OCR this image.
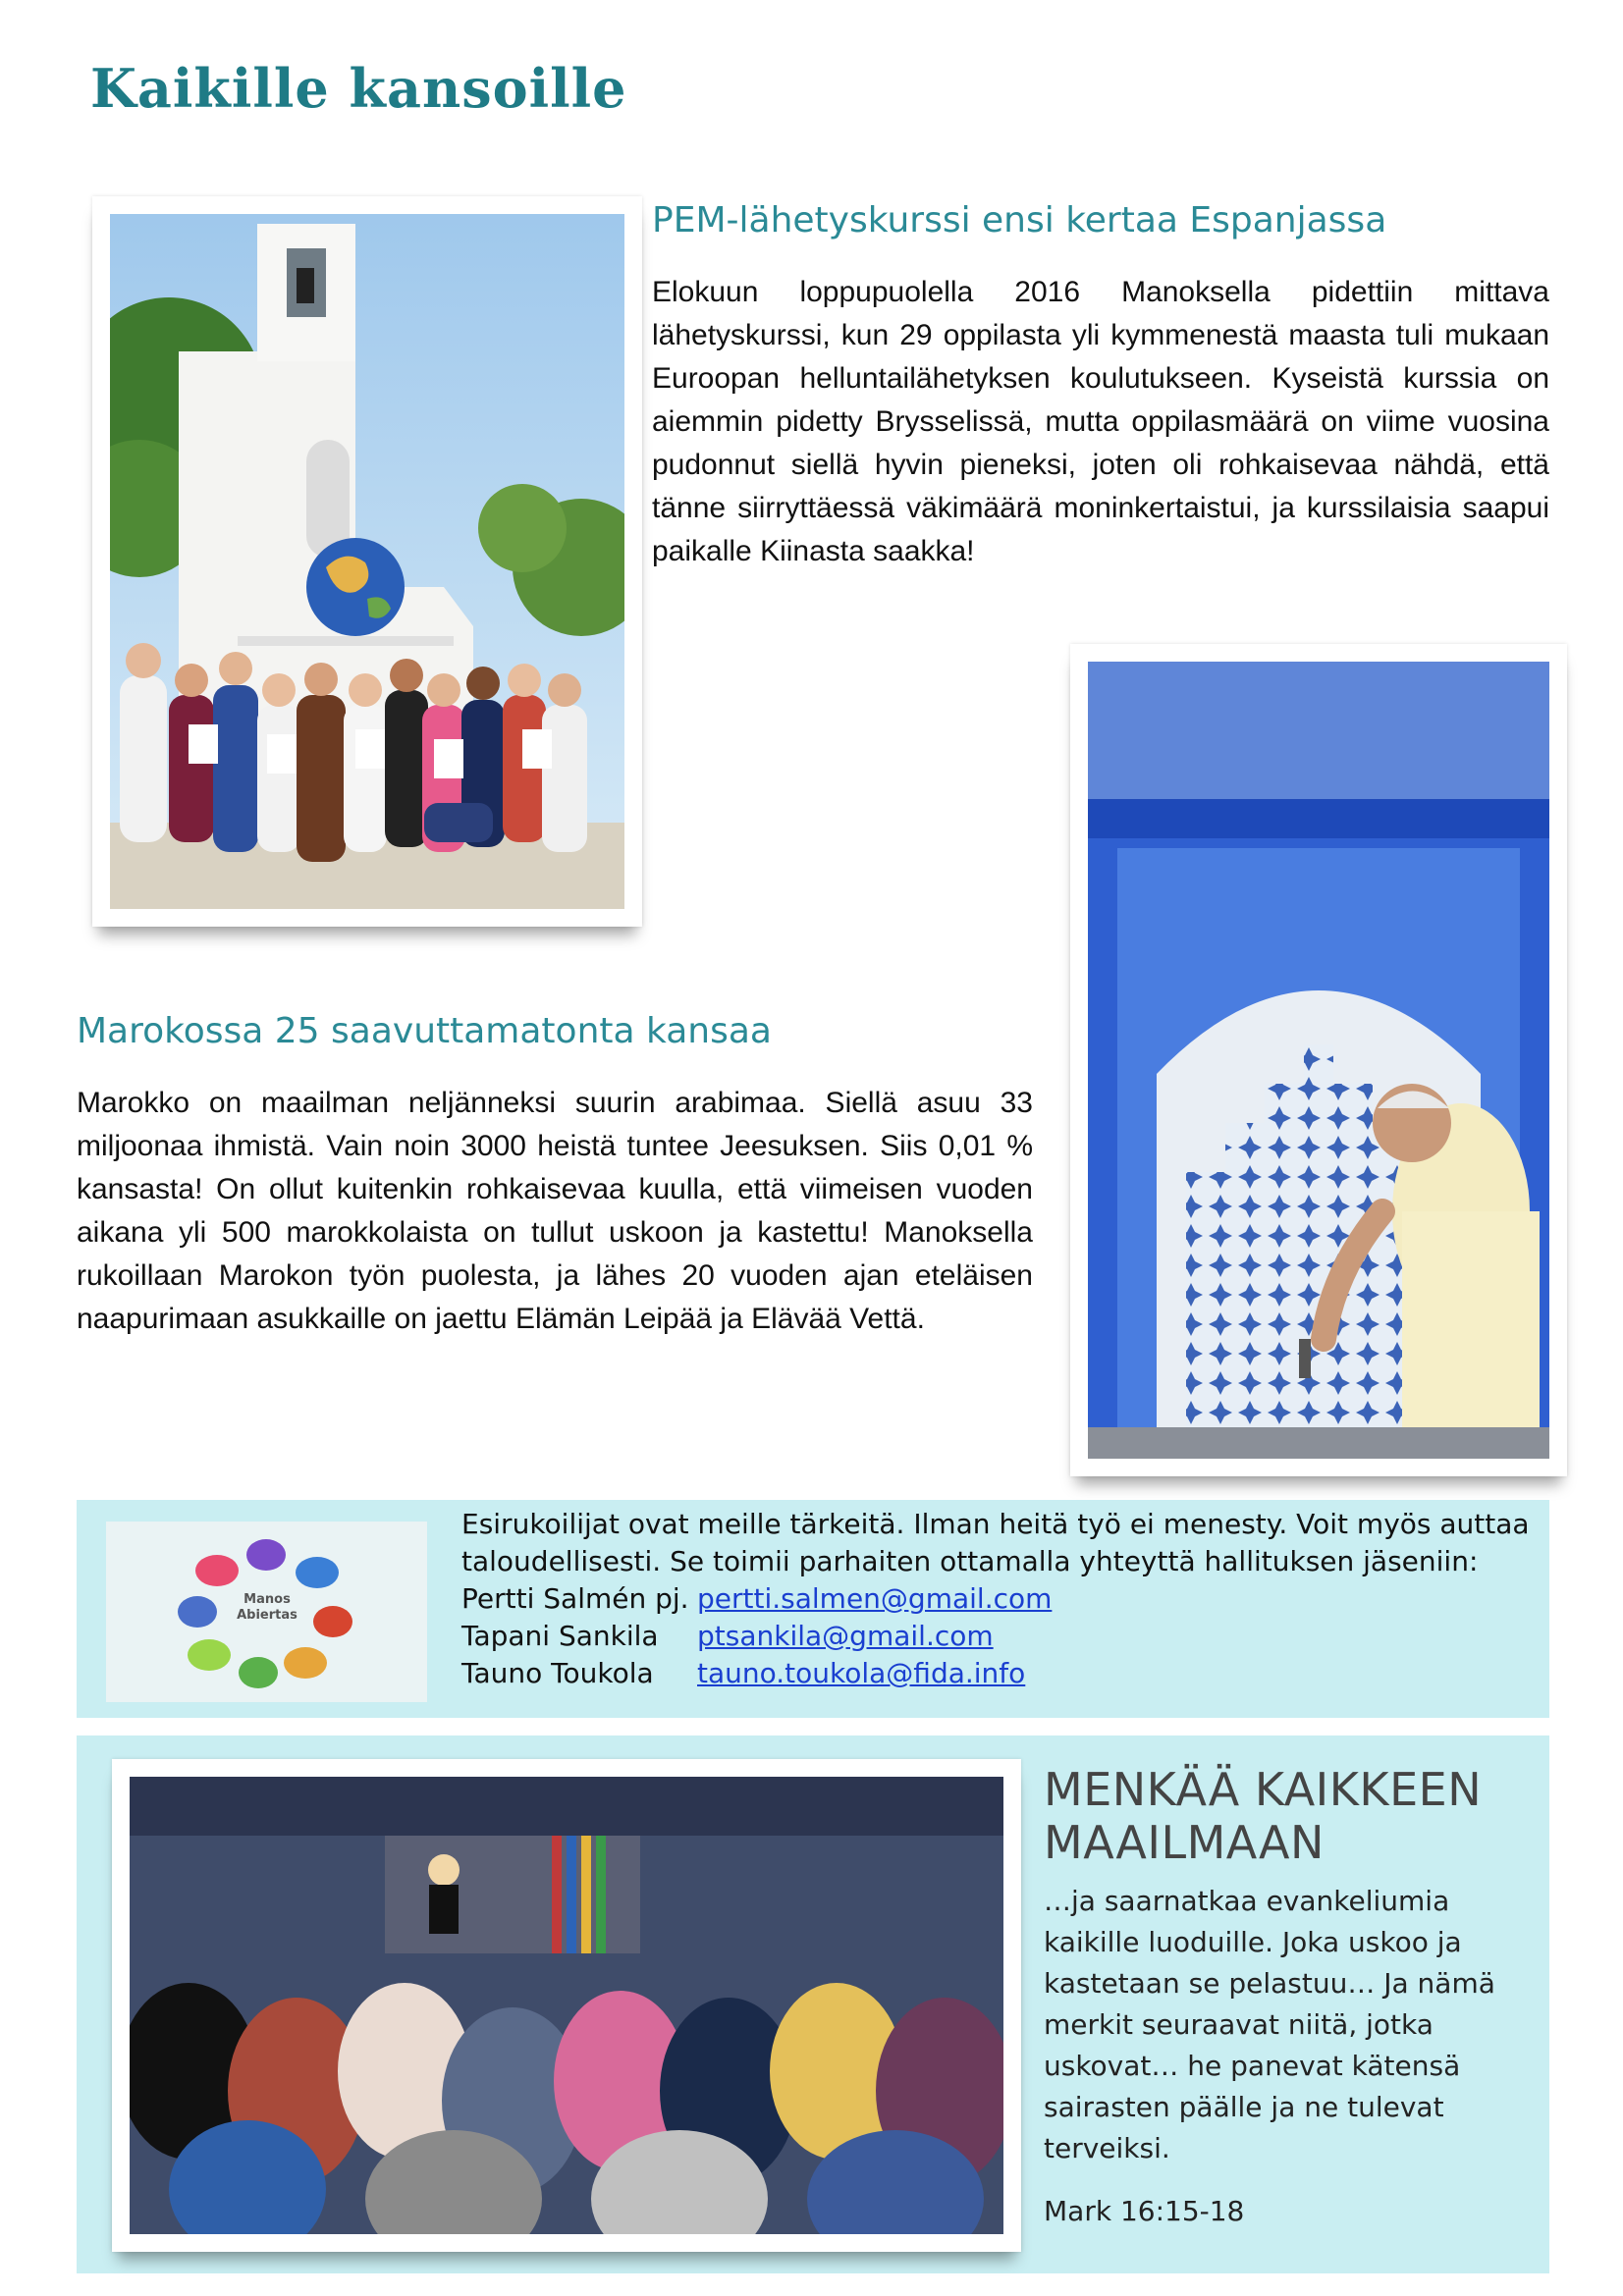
Kaikille kansoille
PEM-lähetyskurssi ensi kertaa Espanjassa
Elokuun loppupuolella 2016 Manoksella pidettiin mittava lähetyskurssi, kun 29 oppilasta yli kymmenestä maasta tuli mukaan Euroopan helluntailähetyksen koulutukseen. Kyseistä kurssia on aiemmin pidetty Brysselissä, mutta oppilasmäärä on viime vuosina pudonnut siellä hyvin pieneksi, joten oli rohkaisevaa nähdä, että tänne siirryttäessä väkimäärä moninkertaistui, ja kurssilaisia saapui paikalle Kiinasta saakka!
Marokossa 25 saavuttamatonta kansaa
Marokko on maailman neljänneksi suurin arabimaa. Siellä asuu 33 miljoonaa ihmistä. Vain noin 3000 heistä tuntee Jeesuksen. Siis 0,01 % kansasta! On ollut kuitenkin rohkaisevaa kuulla, että viimeisen vuoden aikana yli 500 marokkolaista on tullut uskoon ja kastettu! Manoksella rukoillaan Marokon työn puolesta, ja lähes 20 vuoden ajan eteläisen naapurimaan asukkaille on jaettu Elämän Leipää ja Elävää Vettä.
Manos Abiertas
Esirukoilijat ovat meille tärkeitä. Ilman heitä työ ei menesty. Voit myös auttaa taloudellisesti. Se toimii parhaiten ottamalla yhteyttä hallituksen jäseniin:
Pertti Salmén pj. pertti.salmen@gmail.com
Tapani Sankila	ptsankila@gmail.com
Tauno Toukola	tauno.toukola@fida.info
MENKÄÄ KAIKKEEN MAAILMAAN
…ja saarnatkaa evankeliumia kaikille luoduille. Joka uskoo ja kastetaan se pelastuu… Ja nämä merkit seuraavat niitä, jotka uskovat… he panevat kätensä sairasten päälle ja ne tulevat terveiksi.
Mark 16:15-18
